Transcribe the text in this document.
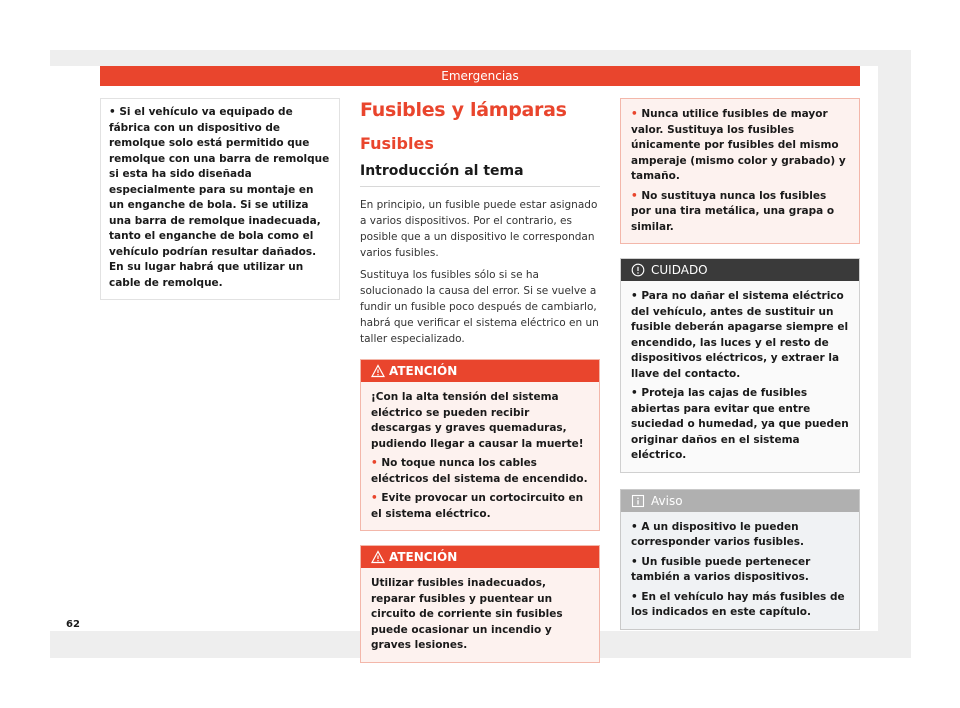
Emergencias

• Si el vehículo va equipado de fábrica con un dispositivo de remolque solo está permitido que remolque con una barra de remolque si esta ha sido diseñada especialmente para su montaje en un enganche de bola. Si se utiliza una barra de remolque inadecuada, tanto el enganche de bola como el vehículo podrían resultar dañados. En su lugar habrá que utilizar un cable de remolque.

Fusibles y lámparas
Fusibles
Introducción al tema

En principio, un fusible puede estar asignado a varios dispositivos. Por el contrario, es posible que a un dispositivo le correspondan varios fusibles.

Sustituya los fusibles sólo si se ha solucionado la causa del error. Si se vuelve a fundir un fusible poco después de cambiarlo, habrá que verificar el sistema eléctrico en un taller especializado.

ATENCIÓN

¡Con la alta tensión del sistema eléctrico se pueden recibir descargas y graves quemaduras, pudiendo llegar a causar la muerte!

• No toque nunca los cables eléctricos del sistema de encendido.

• Evite provocar un cortocircuito en el sistema eléctrico.

ATENCIÓN

Utilizar fusibles inadecuados, reparar fusibles y puentear un circuito de corriente sin fusibles puede ocasionar un incendio y graves lesiones.

• Nunca utilice fusibles de mayor valor. Sustituya los fusibles únicamente por fusibles del mismo amperaje (mismo color y grabado) y tamaño.

• No sustituya nunca los fusibles por una tira metálica, una grapa o similar.

CUIDADO

• Para no dañar el sistema eléctrico del vehículo, antes de sustituir un fusible deberán apagarse siempre el encendido, las luces y el resto de dispositivos eléctricos, y extraer la llave del contacto.

• Proteja las cajas de fusibles abiertas para evitar que entre suciedad o humedad, ya que pueden originar daños en el sistema eléctrico.

Aviso

• A un dispositivo le pueden corresponder varios fusibles.

• Un fusible puede pertenecer también a varios dispositivos.

• En el vehículo hay más fusibles de los indicados en este capítulo.

62
